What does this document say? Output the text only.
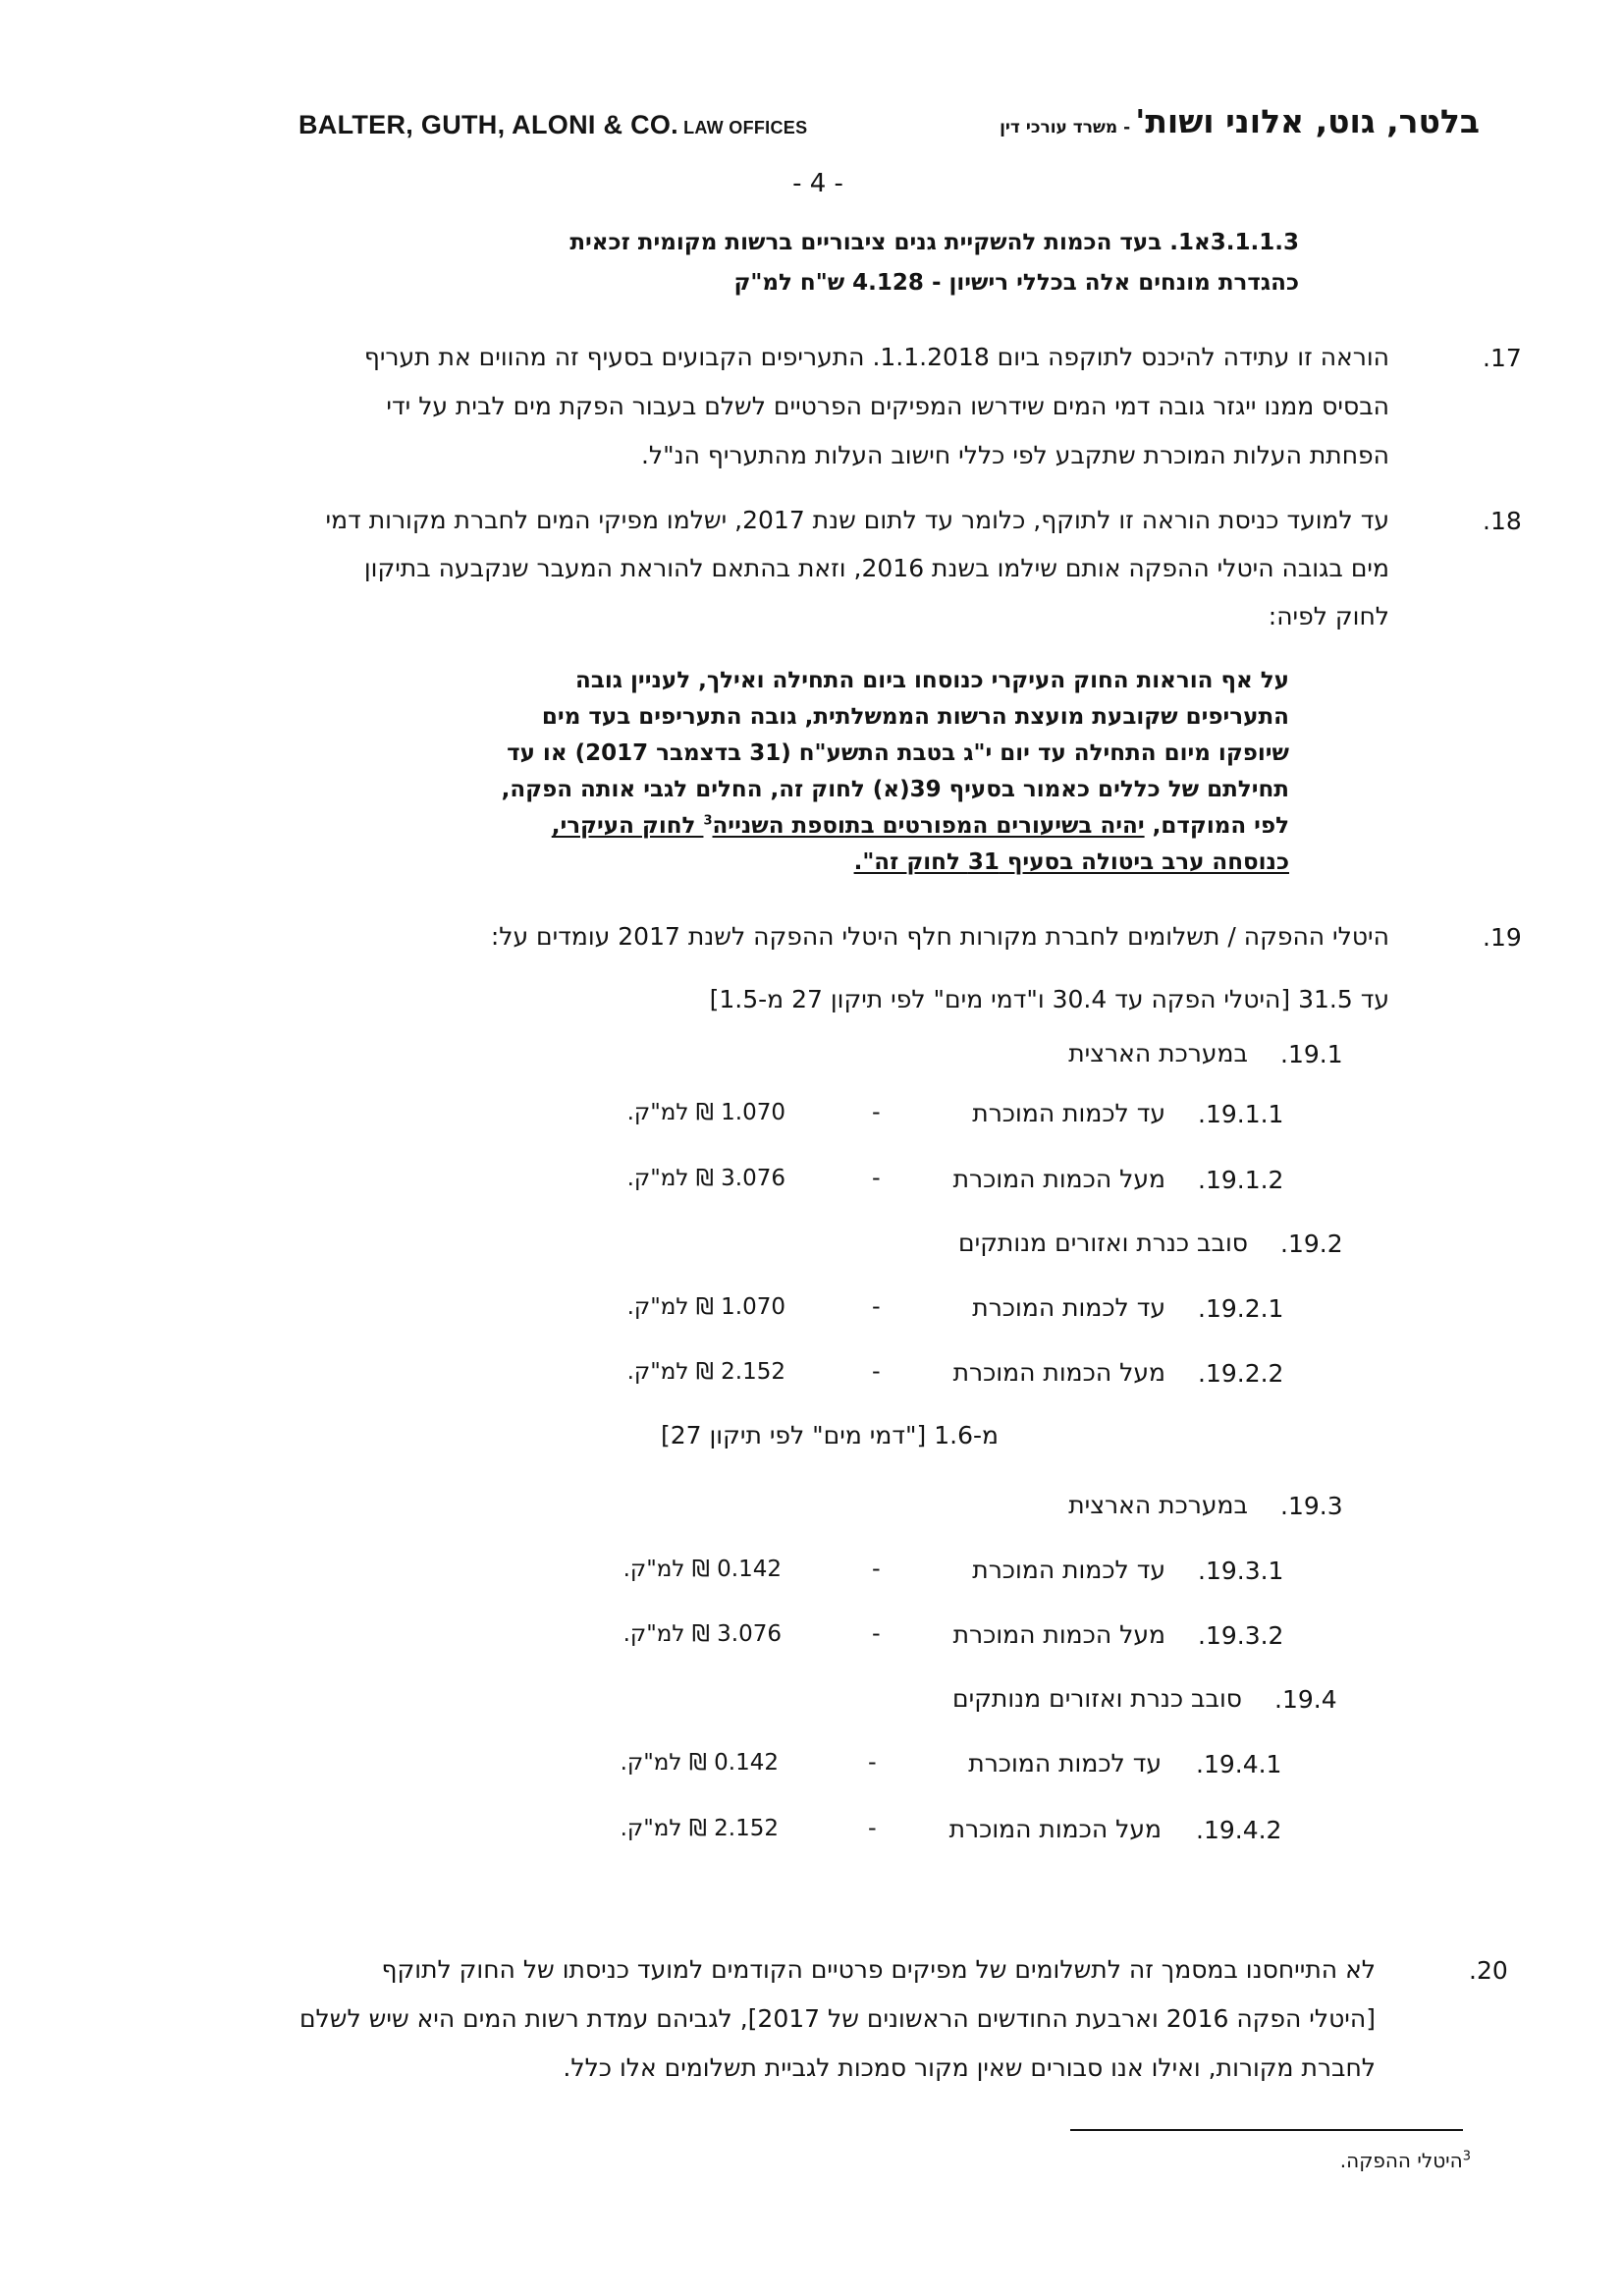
BALTER, GUTH, ALONI & CO. LAW OFFICES	בלטר, גוט, אלוני ושות' - משרד עורכי דין
- 4 -
3.1.1.3א1. בעד הכמות להשקיית גנים ציבוריים ברשות מקומית זכאית
כהגדרת מונחים אלה בכללי רישיון - 4.128 ש"ח למ"ק
.17
הוראה זו עתידה להיכנס לתוקפה ביום 1.1.2018. התעריפים הקבועים בסעיף זה מהווים את תעריף
הבסיס ממנו ייגזר גובה דמי המים שידרשו המפיקים הפרטיים לשלם בעבור הפקת מים לבית על ידי
הפחתת העלות המוכרת שתקבע לפי כללי חישוב העלות מהתעריף הנ"ל.
.18
עד למועד כניסת הוראה זו לתוקף, כלומר עד לתום שנת 2017, ישלמו מפיקי המים לחברת מקורות דמי
מים בגובה היטלי ההפקה אותם שילמו בשנת 2016, וזאת בהתאם להוראת המעבר שנקבעה בתיקון
לחוק לפיה:
על אף הוראות החוק העיקרי כנוסחו ביום התחילה ואילך, לעניין גובה
התעריפים שקובעת מועצת הרשות הממשלתית, גובה התעריפים בעד מים
שיופקו מיום התחילה עד יום י"ג בטבת התשע"ח (31 בדצמבר 2017) או עד
תחילתם של כללים כאמור בסעיף 39(א) לחוק זה, החלים לגבי אותה הפקה,
לפי המוקדם, יהיה בשיעורים המפורטים בתוספת השנייה$^3$ לחוק העיקרי,
כנוסחה ערב ביטולה בסעיף 31 לחוק זה".
.19
היטלי ההפקה / תשלומים לחברת מקורות חלף היטלי ההפקה לשנת 2017 עומדים על:
עד 31.5 [היטלי הפקה עד 30.4 ו"דמי מים" לפי תיקון 27 מ-1.5]
.19.1
במערכת הארצית
.19.1.1
עד לכמות המוכרת
-
1.070 ₪ למ"ק.
.19.1.2
מעל הכמות המוכרת
-
3.076 ₪ למ"ק.
.19.2
סובב כנרת ואזורים מנותקים
.19.2.1
עד לכמות המוכרת
-
1.070 ₪ למ"ק.
.19.2.2
מעל הכמות המוכרת
-
2.152 ₪ למ"ק.
מ-1.6 ["דמי מים" לפי תיקון 27]
.19.3
במערכת הארצית
.19.3.1
עד לכמות המוכרת
-
0.142 ₪ למ"ק.
.19.3.2
מעל הכמות המוכרת
-
3.076 ₪ למ"ק.
.19.4
סובב כנרת ואזורים מנותקים
.19.4.1
עד לכמות המוכרת
-
0.142 ₪ למ"ק.
.19.4.2
מעל הכמות המוכרת
-
2.152 ₪ למ"ק.
.20
לא התייחסנו במסמך זה לתשלומים של מפיקים פרטיים הקודמים למועד כניסתו של החוק לתוקף
[היטלי הפקה 2016 וארבעת החודשים הראשונים של 2017], לגביהם עמדת רשות המים היא שיש לשלם
לחברת מקורות, ואילו אנו סבורים שאין מקור סמכות לגביית תשלומים אלו כלל.
$^3$היטלי ההפקה.
